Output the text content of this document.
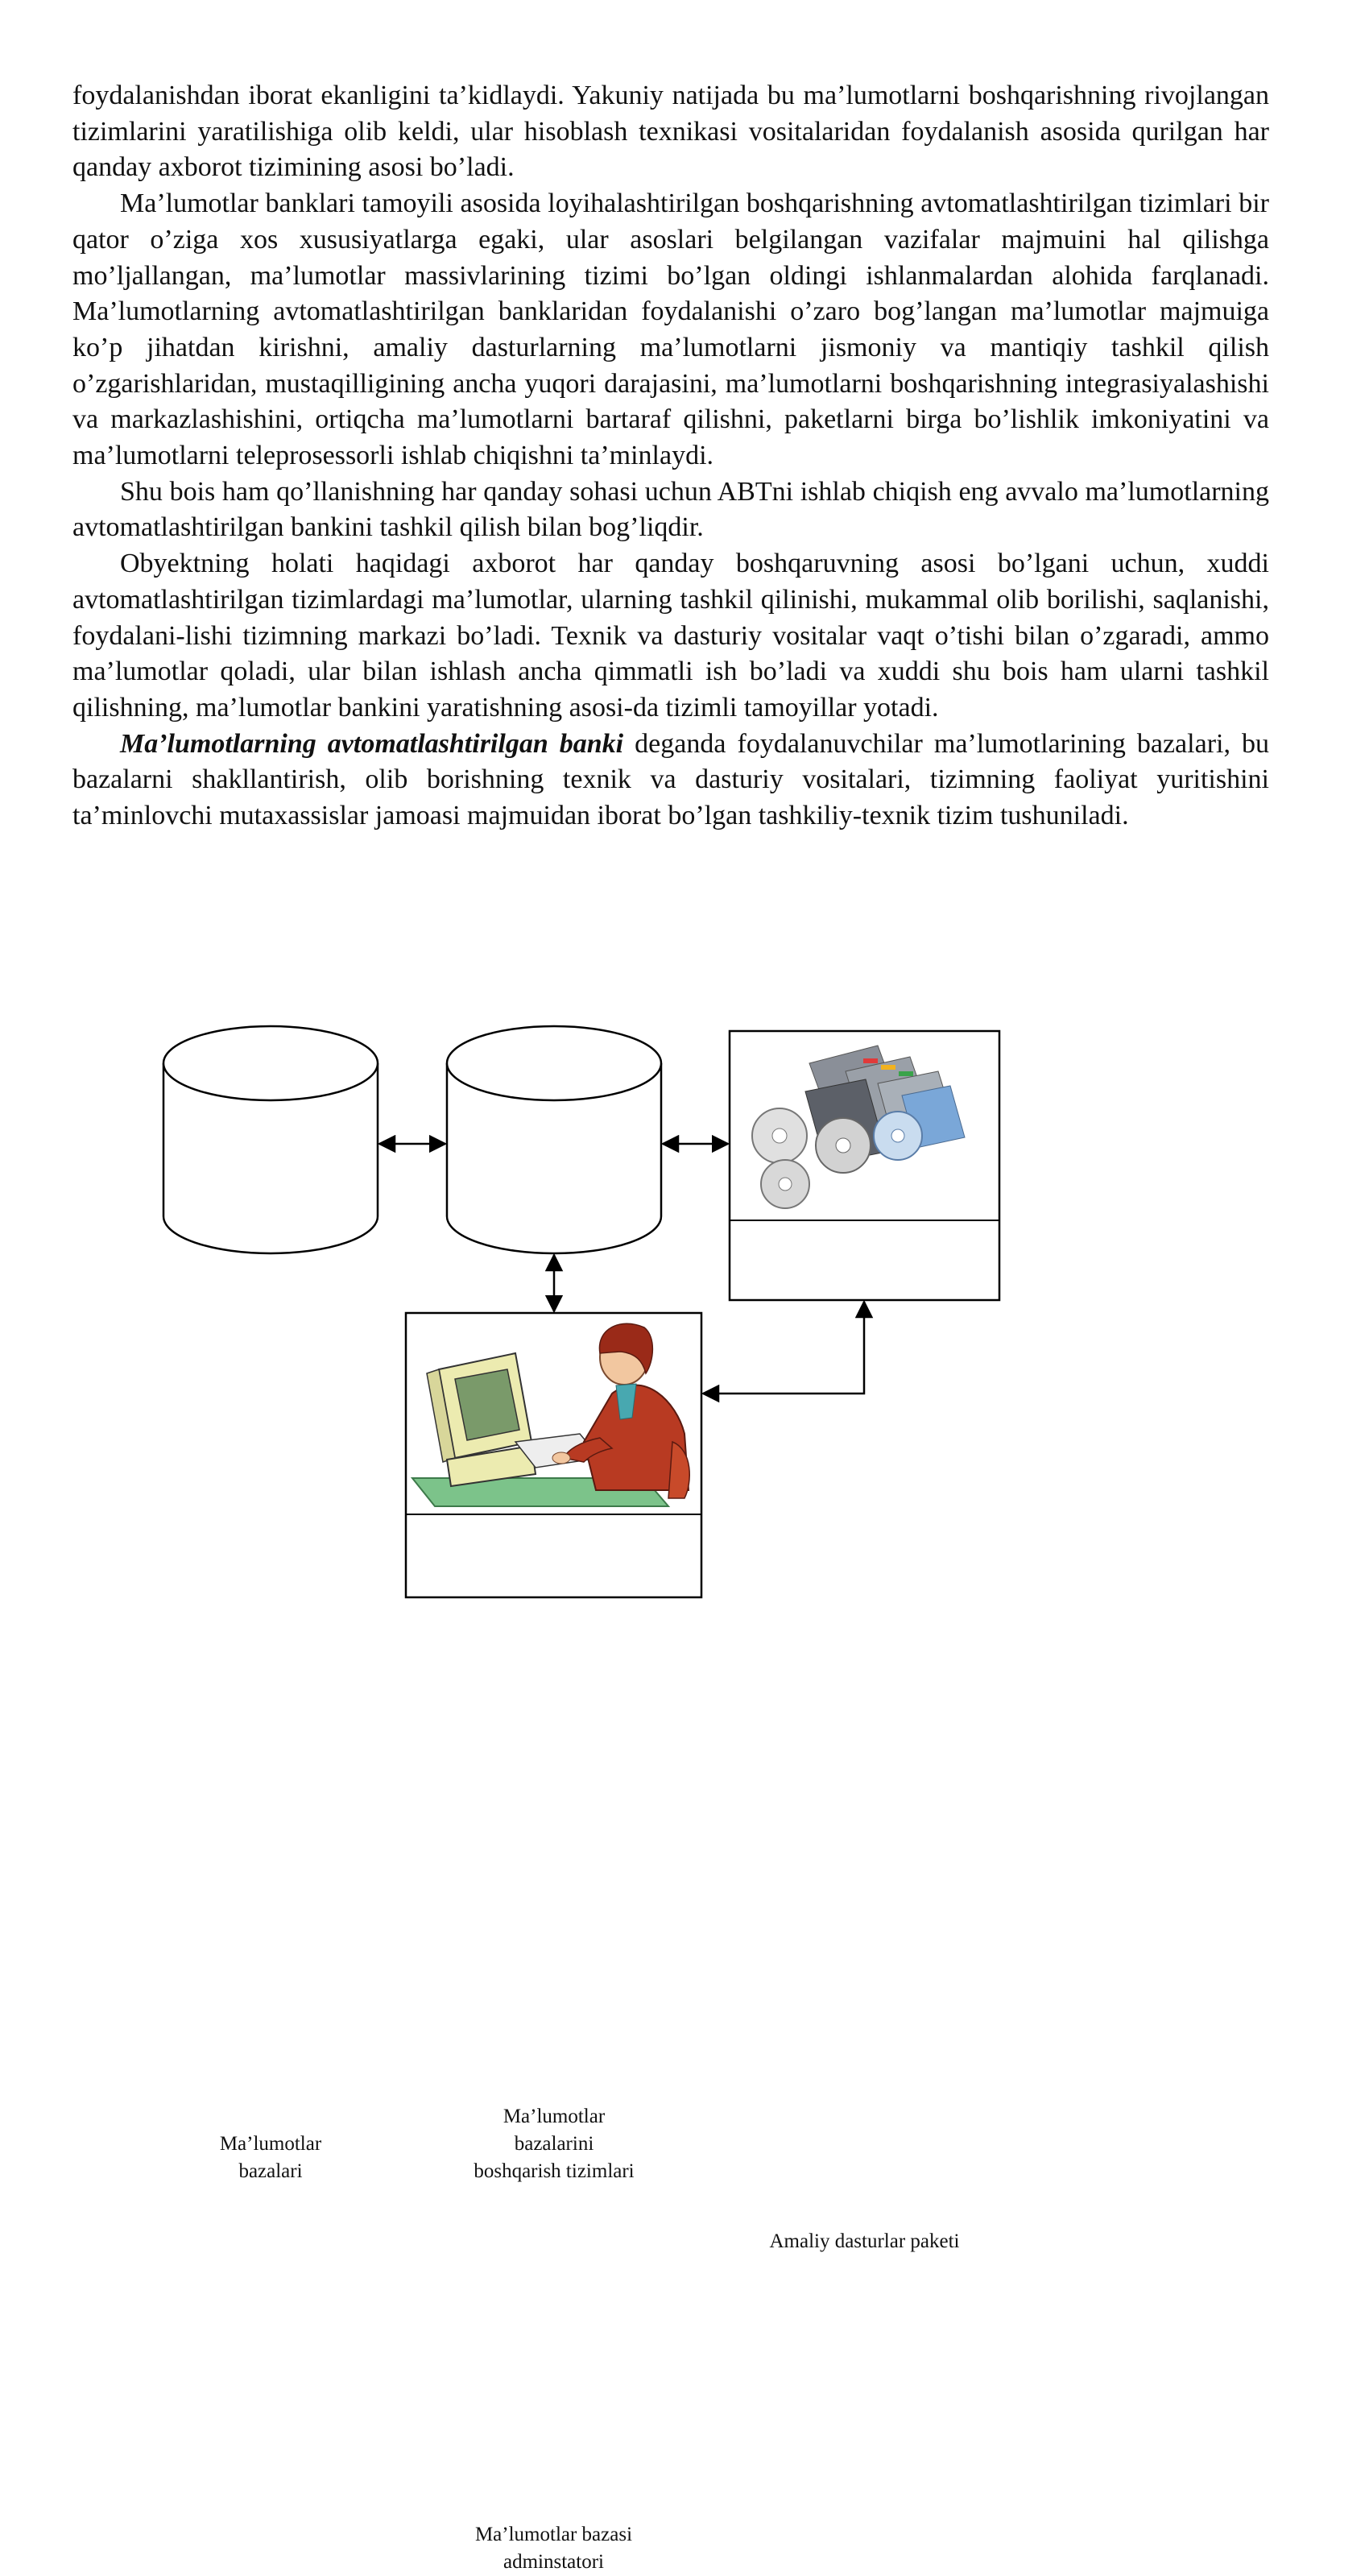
foydalanishdan iborat ekanligini ta’kidlaydi. Yakuniy natijada bu ma’lumotlarni boshqarishning rivojlangan tizimlarini yaratilishiga olib keldi, ular hisoblash texnikasi vositalaridan foydalanish asosida qurilgan har qanday axborot tizimining asosi bo’ladi.

Ma’lumotlar banklari tamoyili asosida loyihalashtirilgan boshqarishning avtomatlashtirilgan tizimlari bir qator o’ziga xos xususiyatlarga egaki, ular asoslari belgilangan vazifalar majmuini hal qilishga mo’ljallangan, ma’lumotlar massivlarining tizimi bo’lgan oldingi ishlanmalardan alohida farqlanadi. Ma’lumotlarning avtomatlashtirilgan banklaridan foydalanishi o’zaro bog’langan ma’lumotlar majmuiga ko’p jihatdan kirishni, amaliy dasturlarning ma’lumotlarni jismoniy va mantiqiy tashkil qilish o’zgarishlaridan, mustaqilligining ancha yuqori darajasini, ma’lumotlarni boshqarishning integrasiyalashishi va markazlashishini, ortiqcha ma’lumotlarni bartaraf qilishni, paketlarni birga bo’lishlik imkoniyatini va ma’lumotlarni teleprosessorli ishlab chiqishni ta’minlaydi.

Shu bois ham qo’llanishning har qanday sohasi uchun ABTni ishlab chiqish eng avvalo ma’lumotlarning avtomatlashtirilgan bankini tashkil qilish bilan bog’liqdir.

Obyektning holati haqidagi axborot har qanday boshqaruvning asosi bo’lgani uchun, xuddi avtomatlashtirilgan tizimlardagi ma’lumotlar, ularning tashkil qilinishi, mukammal olib borilishi, saqlanishi, foydalani-lishi tizimning markazi bo’ladi. Texnik va dasturiy vositalar vaqt o’tishi bilan o’zgaradi, ammo ma’lumotlar qoladi, ular bilan ishlash ancha qimmatli ish bo’ladi va xuddi shu bois ham ularni tashkil qilishning, ma’lumotlar bankini yaratishning asosi-da tizimli tamoyillar yotadi.

Ma’lumotlarning avtomatlashtirilgan banki deganda foydalanuvchilar ma’lumotlarining bazalari, bu bazalarni shakllantirish, olib borishning texnik va dasturiy vositalari, tizimning faoliyat yuritishini ta’minlovchi mutaxassislar jamoasi majmuidan iborat bo’lgan tashkiliy-texnik tizim tushuniladi.

Ma’lumotlar
bazalari
Ma’lumotlar
bazalarini
boshqarish tizimlari
Amaliy dasturlar paketi
Ma’lumotlar bazasi
adminstatori
